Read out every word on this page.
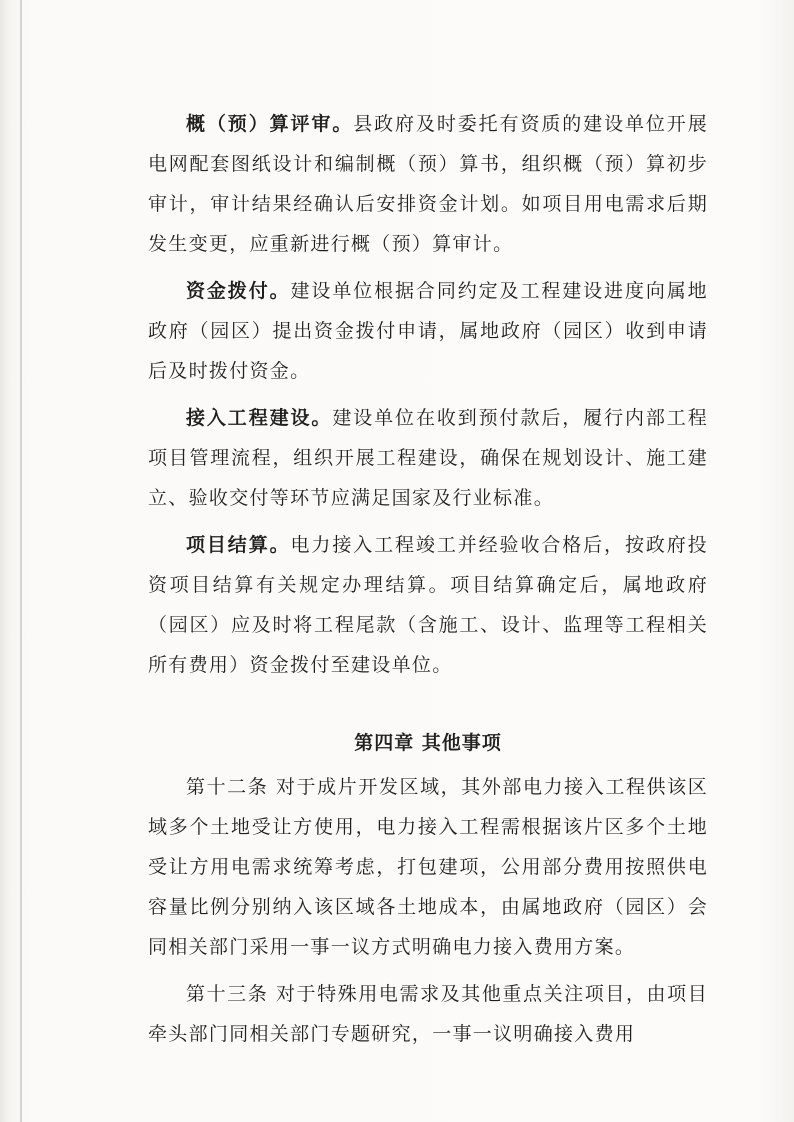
概（预）算评审。县政府及时委托有资质的建设单位开展电网配套图纸设计和编制概（预）算书，组织概（预）算初步审计，审计结果经确认后安排资金计划。如项目用电需求后期发生变更，应重新进行概（预）算审计。

资金拨付。建设单位根据合同约定及工程建设进度向属地政府（园区）提出资金拨付申请，属地政府（园区）收到申请后及时拨付资金。

接入工程建设。建设单位在收到预付款后，履行内部工程项目管理流程，组织开展工程建设，确保在规划设计、施工建立、验收交付等环节应满足国家及行业标准。

项目结算。电力接入工程竣工并经验收合格后，按政府投资项目结算有关规定办理结算。项目结算确定后，属地政府（园区）应及时将工程尾款（含施工、设计、监理等工程相关所有费用）资金拨付至建设单位。

第四章 其他事项

第十二条 对于成片开发区域，其外部电力接入工程供该区域多个土地受让方使用，电力接入工程需根据该片区多个土地受让方用电需求统筹考虑，打包建项，公用部分费用按照供电容量比例分别纳入该区域各土地成本，由属地政府（园区）会同相关部门采用一事一议方式明确电力接入费用方案。

第十三条 对于特殊用电需求及其他重点关注项目，由项目牵头部门同相关部门专题研究，一事一议明确接入费用
